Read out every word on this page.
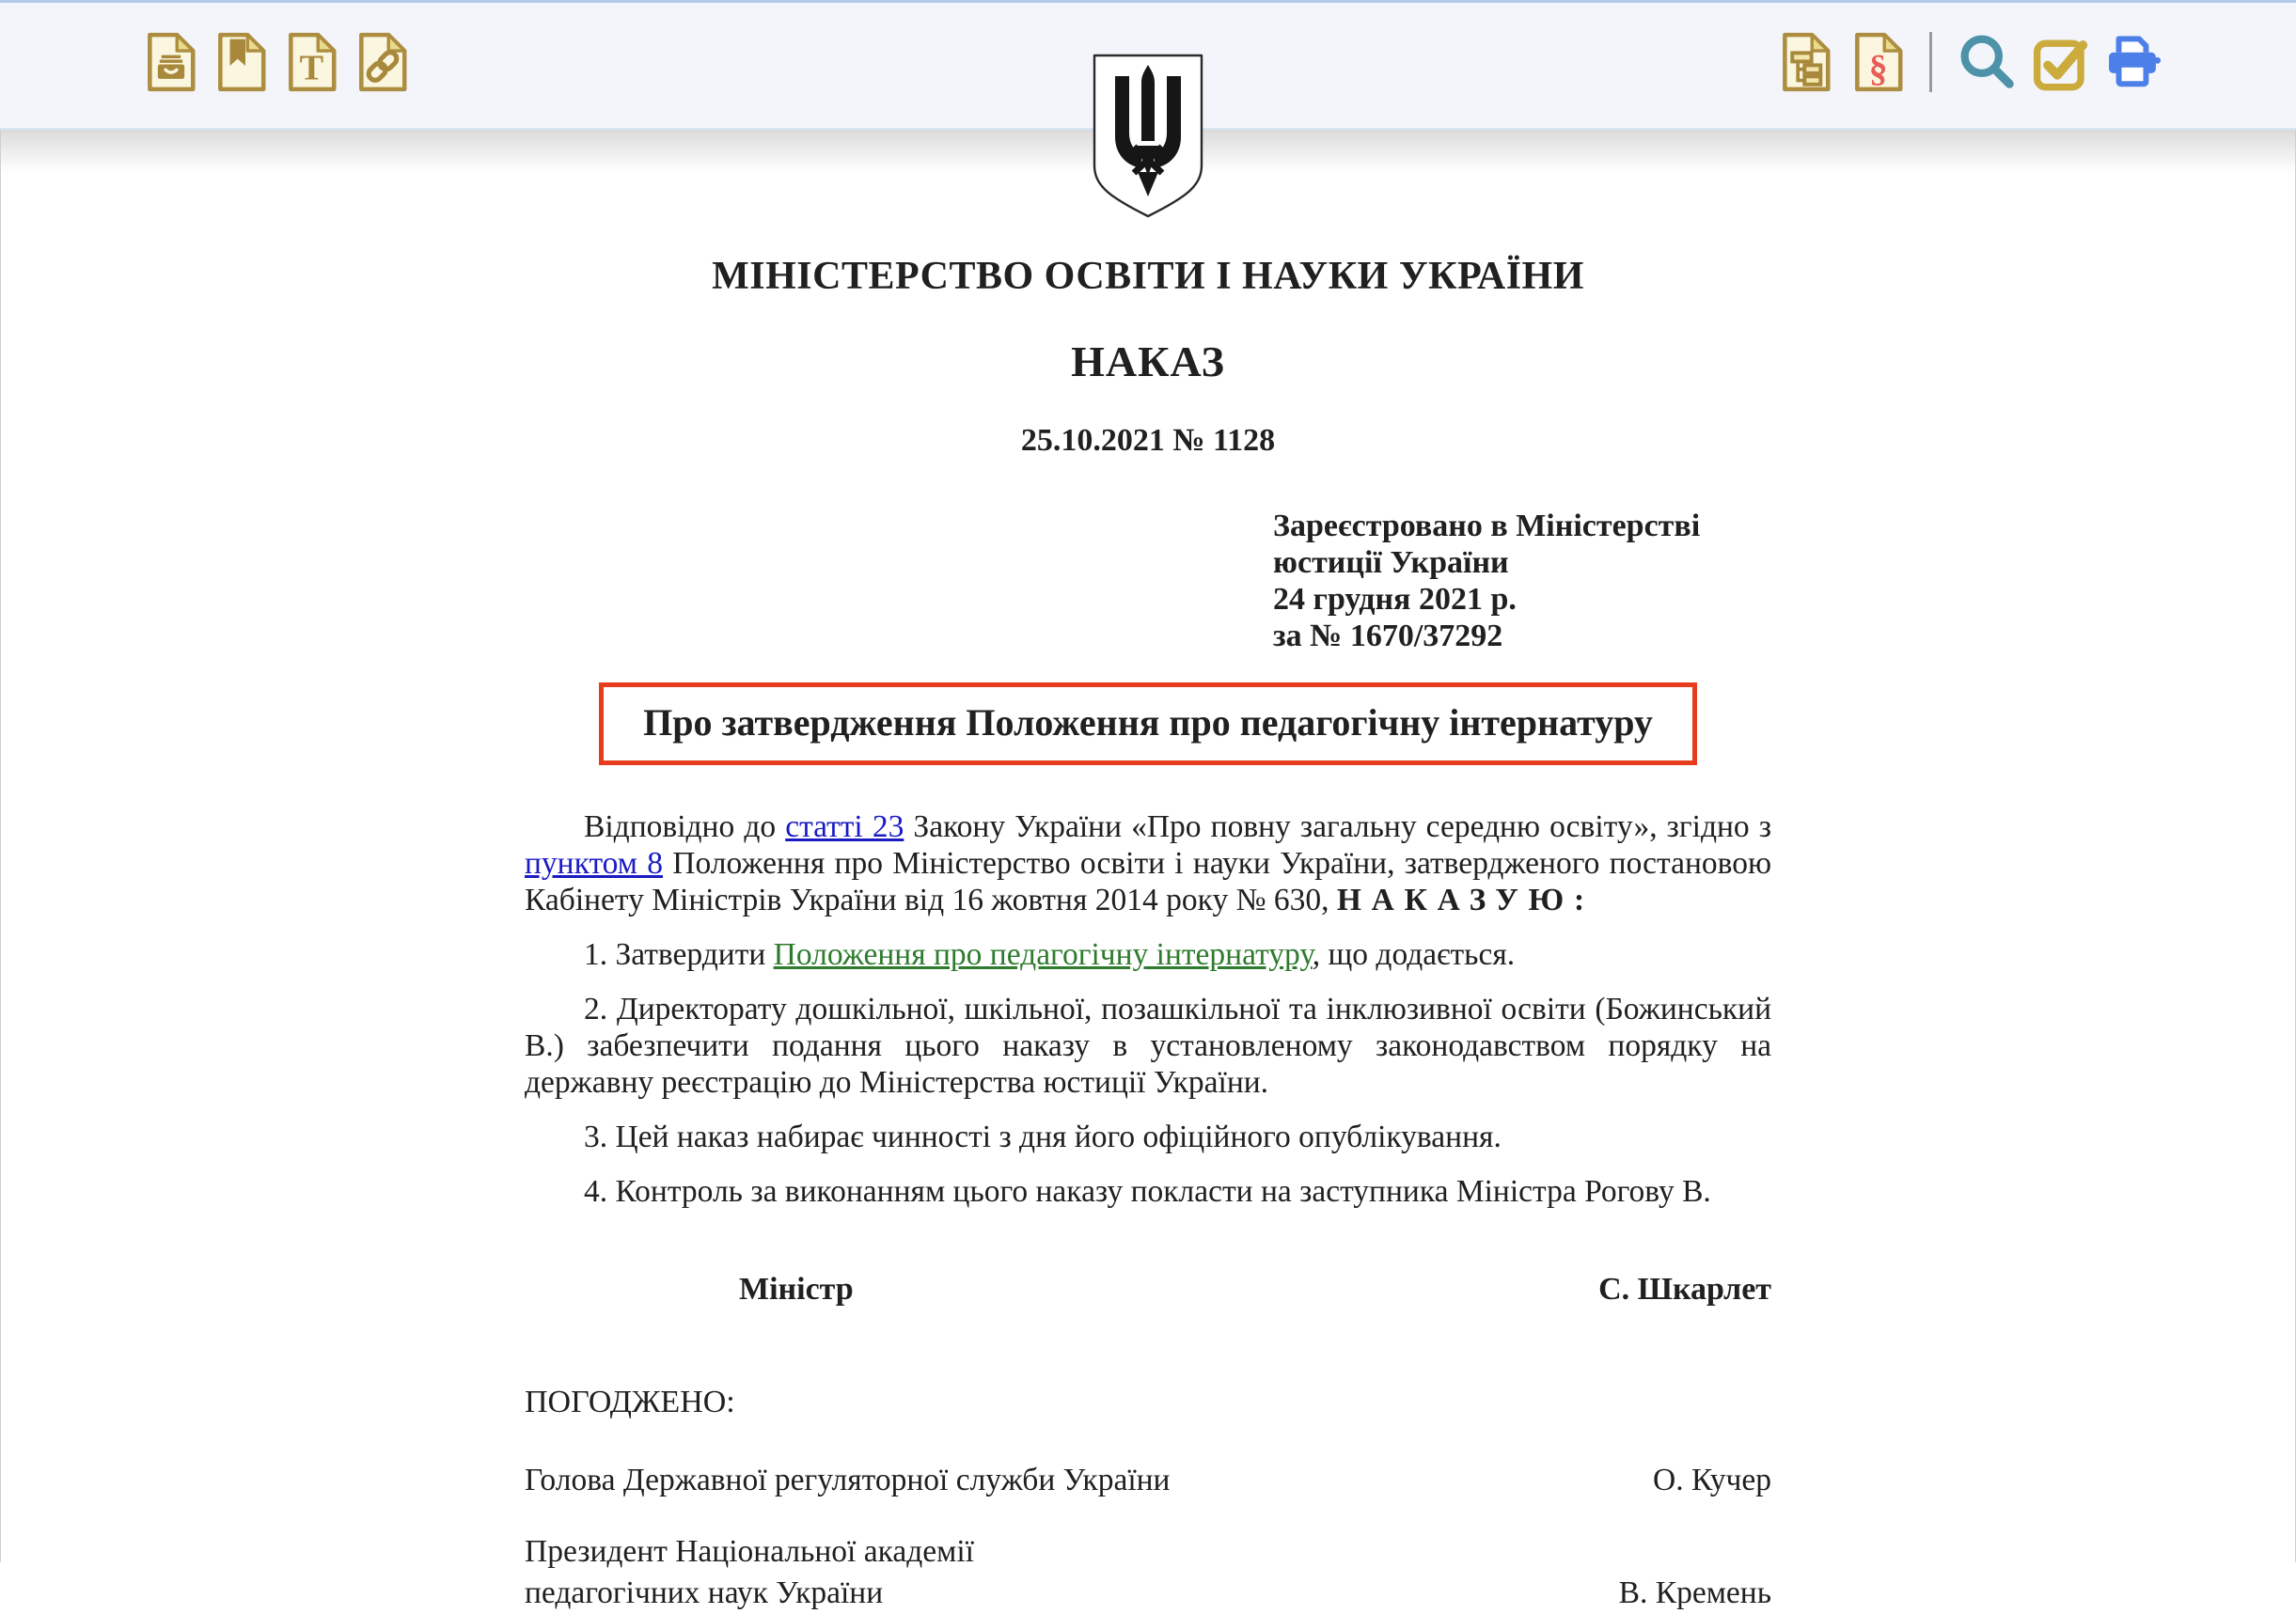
T	§
МІНІСТЕРСТВО ОСВІТИ І НАУКИ УКРАЇНИ
НАКАЗ
25.10.2021 № 1128
Зареєстровано в Міністерстві
юстиції України
24 грудня 2021 р.
за № 1670/37292
Про затвердження Положення про педагогічну інтернатуру

Відповідно до статті 23 Закону України «Про повну загальну середню освіту», згідно з пунктом 8 Положення про Міністерство освіти і науки України, затвердженого постановою Кабінету Міністрів України від 16 жовтня 2014 року № 630, НАКАЗУЮ:

1. Затвердити Положення про педагогічну інтернатуру, що додається.

2. Директорату дошкільної, шкільної, позашкільної та інклюзивної освіти (Божинський В.) забезпечити подання цього наказу в установленому законодавством порядку на державну реєстрацію до Міністерства юстиції України.

3. Цей наказ набирає чинності з дня його офіційного опублікування.

4. Контроль за виконанням цього наказу покласти на заступника Міністра Рогову В.

Міністр	С. Шкарлет
ПОГОДЖЕНО:
Голова Державної регуляторної служби України	О. Кучер
Президент Національної академії
педагогічних наук України	В. Кремень
